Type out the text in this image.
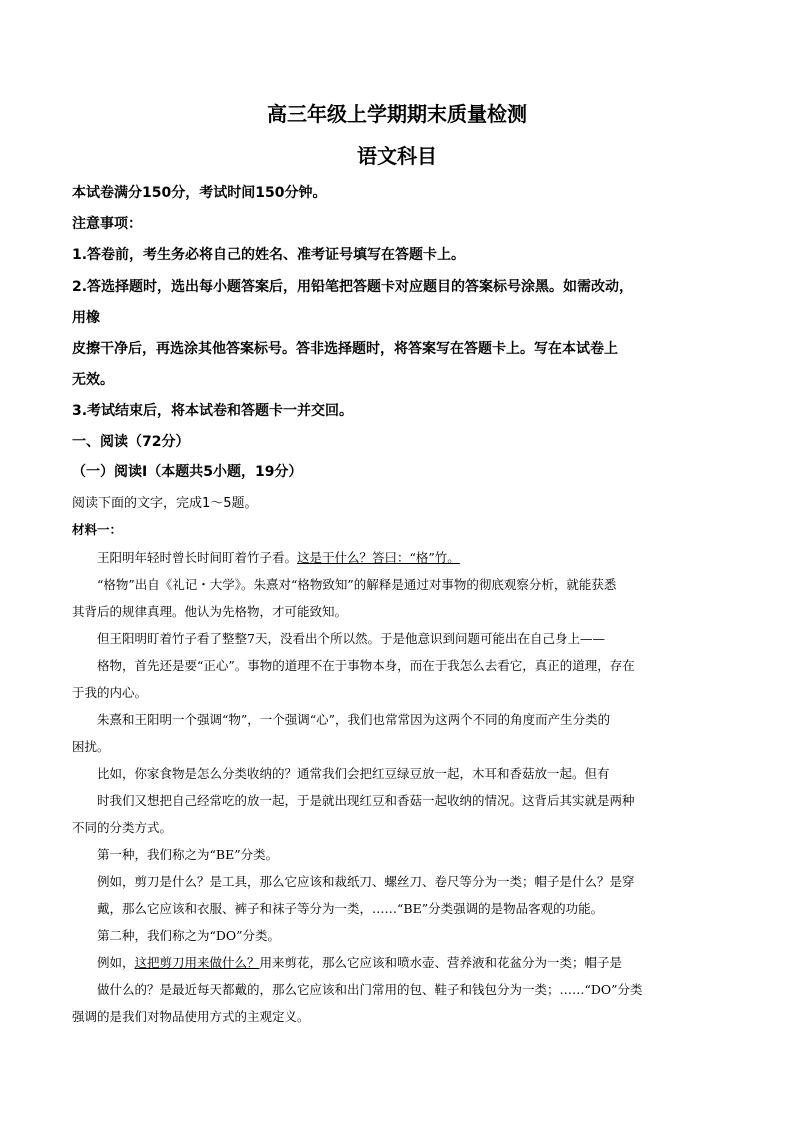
高三年级上学期期末质量检测
语文科目
本试卷满分150分，考试时间150分钟。
注意事项：
1.答卷前，考生务必将自己的姓名、准考证号填写在答题卡上。
2.答选择题时，选出每小题答案后，用铅笔把答题卡对应题目的答案标号涂黑。如需改动，
用橡
皮擦干净后，再选涂其他答案标号。答非选择题时，将答案写在答题卡上。写在本试卷上
无效。
3.考试结束后，将本试卷和答题卡一并交回。
一、阅读（72分）
（一）阅读Ⅰ（本题共5小题，19分）
阅读下面的文字，完成1～5题。
材料一：
王阳明年轻时曾长时间盯着竹子看。这是干什么？答曰：“格”竹。
“格物”出自《礼记・大学》。朱熹对“格物致知”的解释是通过对事物的彻底观察分析，就能获悉
其背后的规律真理。他认为先格物，才可能致知。
但王阳明盯着竹子看了整整7天，没看出个所以然。于是他意识到问题可能出在自己身上——
格物，首先还是要“正心”。事物的道理不在于事物本身，而在于我怎么去看它，真正的道理，存在
于我的内心。
朱熹和王阳明一个强调“物”，一个强调“心”，我们也常常因为这两个不同的角度而产生分类的
困扰。
比如，你家食物是怎么分类收纳的？通常我们会把红豆绿豆放一起，木耳和香菇放一起。但有
时我们又想把自己经常吃的放一起，于是就出现红豆和香菇一起收纳的情况。这背后其实就是两种
不同的分类方式。
第一种，我们称之为“BE”分类。
例如，剪刀是什么？是工具，那么它应该和裁纸刀、螺丝刀、卷尺等分为一类；帽子是什么？是穿
戴，那么它应该和衣服、裤子和袜子等分为一类，……“BE”分类强调的是物品客观的功能。
第二种，我们称之为“DO”分类。
例如，这把剪刀用来做什么？用来剪花，那么它应该和喷水壶、营养液和花盆分为一类；帽子是
做什么的？是最近每天都戴的，那么它应该和出门常用的包、鞋子和钱包分为一类；……“DO”分类
强调的是我们对物品使用方式的主观定义。
